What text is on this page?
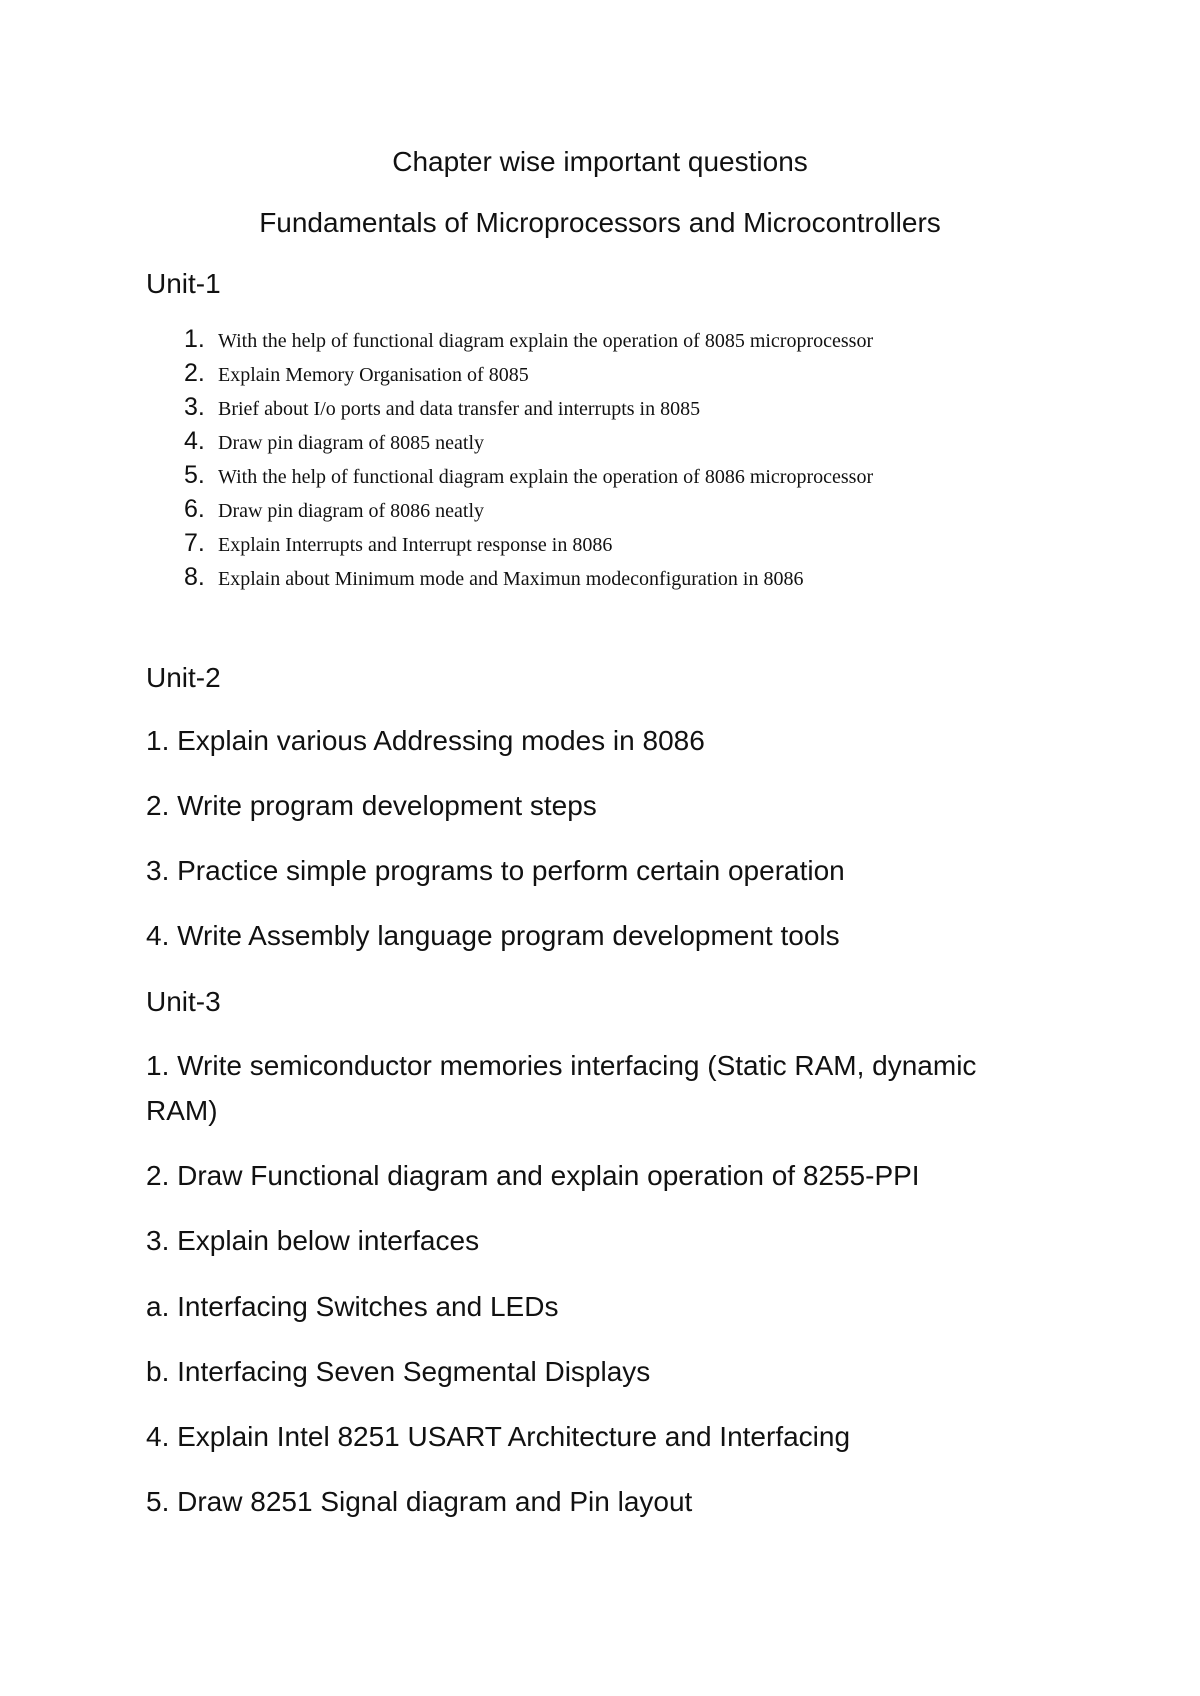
Chapter wise important questions
Fundamentals of Microprocessors and Microcontrollers
Unit-1
1. With the help of functional diagram explain the operation of 8085 microprocessor
2. Explain Memory Organisation of 8085
3. Brief about I/o ports and data transfer and interrupts in 8085
4. Draw pin diagram of 8085 neatly
5. With the help of functional diagram explain the operation of 8086 microprocessor
6. Draw pin diagram of 8086 neatly
7. Explain Interrupts and Interrupt response in 8086
8. Explain about Minimum mode and Maximun modeconfiguration in 8086
Unit-2
1. Explain various Addressing modes in 8086
2. Write program development steps
3. Practice simple programs to perform certain operation
4. Write Assembly language program development tools
Unit-3
1. Write semiconductor memories interfacing (Static RAM, dynamic RAM)
2. Draw Functional diagram and explain operation of 8255-PPI
3. Explain below interfaces
a. Interfacing Switches and LEDs
b. Interfacing Seven Segmental Displays
4. Explain Intel 8251 USART Architecture and Interfacing
5. Draw 8251 Signal diagram and Pin layout
